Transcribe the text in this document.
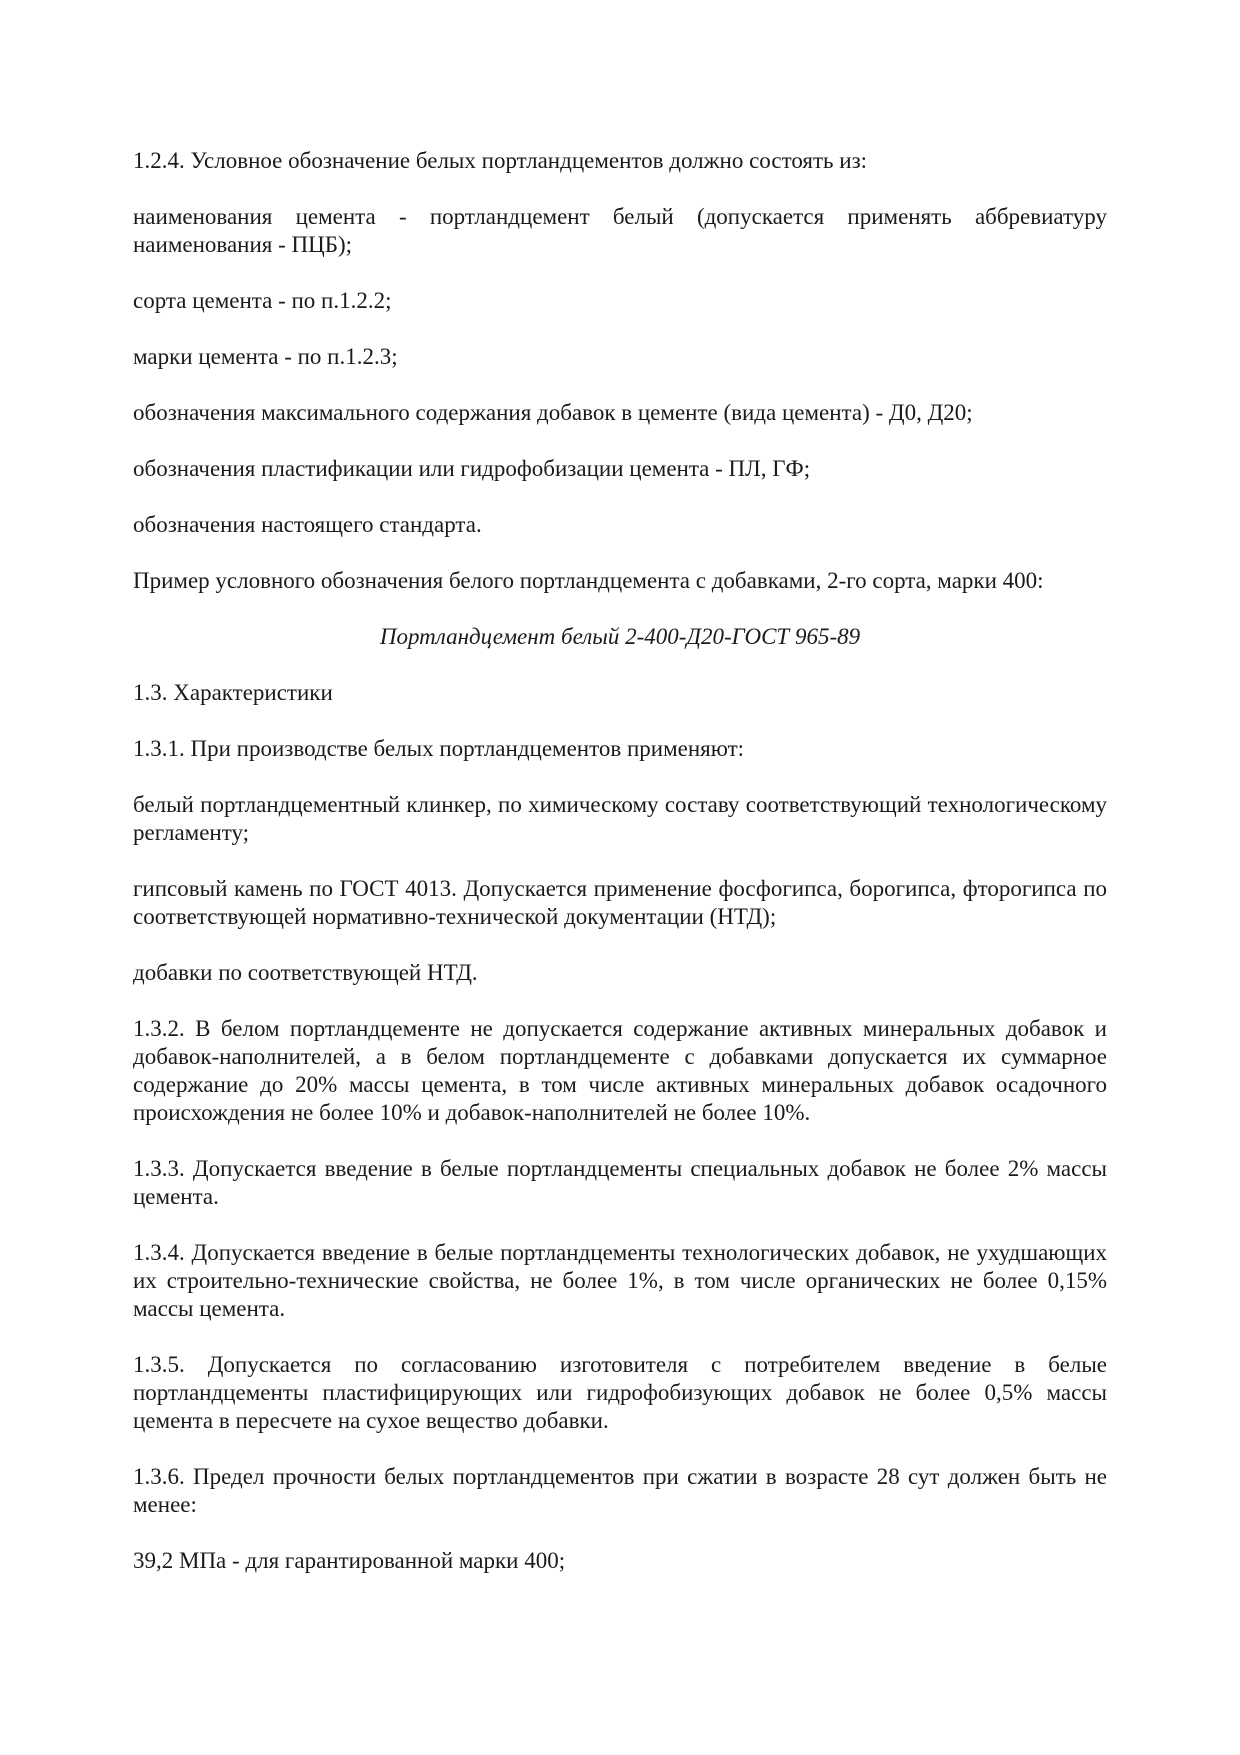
1.2.4. Условное обозначение белых портландцементов должно состоять из:

наименования цемента - портландцемент белый (допускается применять аббревиатуру наименования - ПЦБ);

сорта цемента - по п.1.2.2;

марки цемента - по п.1.2.3;

обозначения максимального содержания добавок в цементе (вида цемента) - Д0, Д20;

обозначения пластификации или гидрофобизации цемента - ПЛ, ГФ;

обозначения настоящего стандарта.

Пример условного обозначения белого портландцемента с добавками, 2-го сорта, марки 400:

Портландцемент белый 2-400-Д20-ГОСТ 965-89

1.3. Характеристики

1.3.1. При производстве белых портландцементов применяют:

белый портландцементный клинкер, по химическому составу соответствующий технологическому регламенту;

гипсовый камень по ГОСТ 4013. Допускается применение фосфогипса, борогипса, фторогипса по соответствующей нормативно-технической документации (НТД);

добавки по соответствующей НТД.

1.3.2. В белом портландцементе не допускается содержание активных минеральных добавок и добавок-наполнителей, а в белом портландцементе с добавками допускается их суммарное содержание до 20% массы цемента, в том числе активных минеральных добавок осадочного происхождения не более 10% и добавок-наполнителей не более 10%.

1.3.3. Допускается введение в белые портландцементы специальных добавок не более 2% массы цемента.

1.3.4. Допускается введение в белые портландцементы технологических добавок, не ухудшающих их строительно-технические свойства, не более 1%, в том числе органических не более 0,15% массы цемента.

1.3.5. Допускается по согласованию изготовителя с потребителем введение в белые портландцементы пластифицирующих или гидрофобизующих добавок не более 0,5% массы цемента в пересчете на сухое вещество добавки.

1.3.6. Предел прочности белых портландцементов при сжатии в возрасте 28 сут должен быть не менее:

39,2 МПа - для гарантированной марки 400;
